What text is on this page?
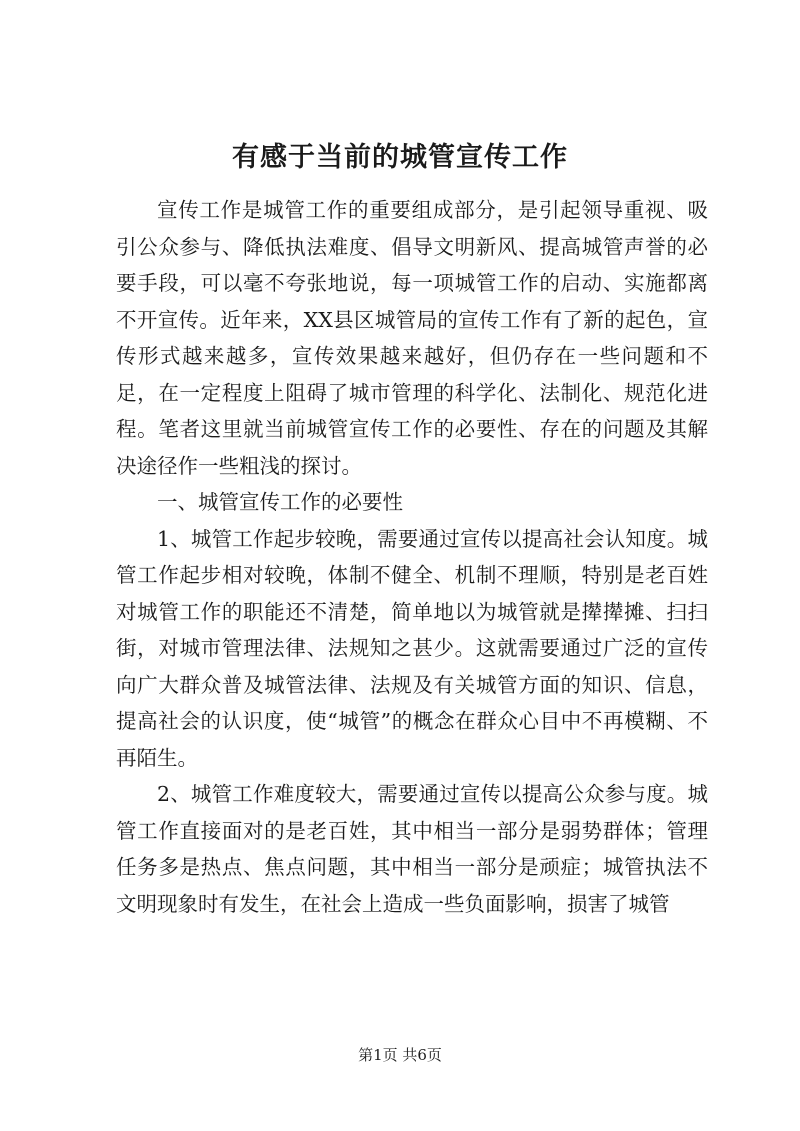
有感于当前的城管宣传工作

宣传工作是城管工作的重要组成部分，是引起领导重视、吸引公众参与、降低执法难度、倡导文明新风、提高城管声誉的必要手段，可以毫不夸张地说，每一项城管工作的启动、实施都离不开宣传。近年来，XX县区城管局的宣传工作有了新的起色，宣传形式越来越多，宣传效果越来越好，但仍存在一些问题和不足，在一定程度上阻碍了城市管理的科学化、法制化、规范化进程。笔者这里就当前城管宣传工作的必要性、存在的问题及其解决途径作一些粗浅的探讨。

一、城管宣传工作的必要性

1、城管工作起步较晚，需要通过宣传以提高社会认知度。城管工作起步相对较晚，体制不健全、机制不理顺，特别是老百姓对城管工作的职能还不清楚，简单地以为城管就是撵撵摊、扫扫街，对城市管理法律、法规知之甚少。这就需要通过广泛的宣传向广大群众普及城管法律、法规及有关城管方面的知识、信息，提高社会的认识度，使“城管”的概念在群众心目中不再模糊、不再陌生。

2、城管工作难度较大，需要通过宣传以提高公众参与度。城管工作直接面对的是老百姓，其中相当一部分是弱势群体；管理任务多是热点、焦点问题，其中相当一部分是顽症；城管执法不文明现象时有发生，在社会上造成一些负面影响，损害了城管

第1页 共6页
